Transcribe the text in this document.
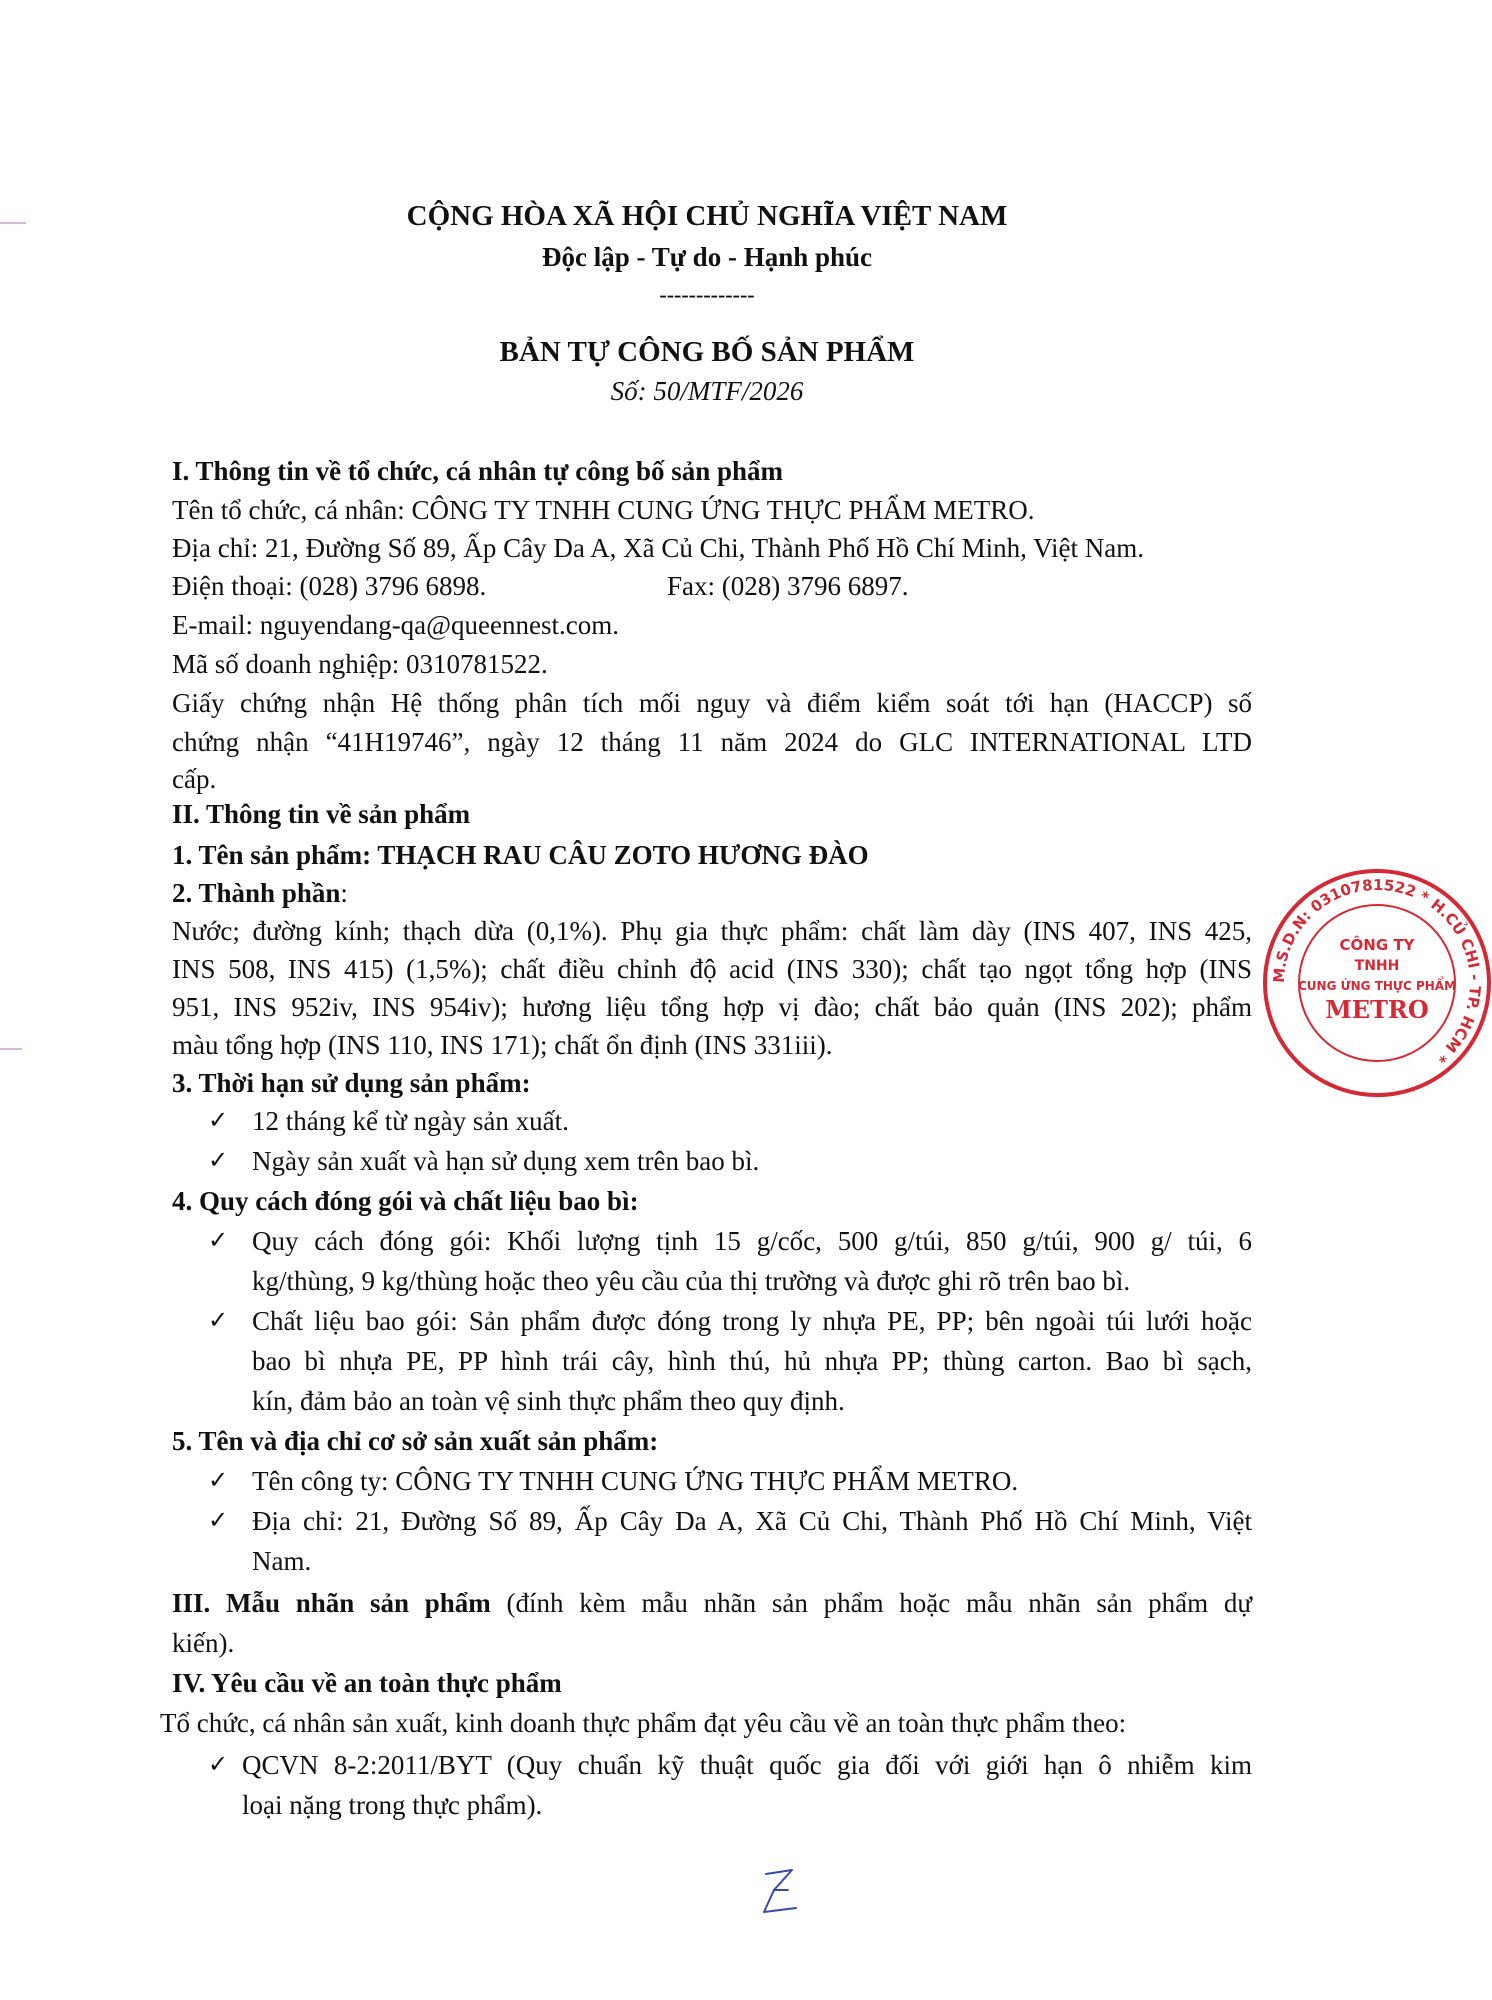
CỘNG HÒA XÃ HỘI CHỦ NGHĨA VIỆT NAM
Độc lập - Tự do - Hạnh phúc
-------------
BẢN TỰ CÔNG BỐ SẢN PHẨM
Số: 50/MTF/2026
I. Thông tin về tổ chức, cá nhân tự công bố sản phẩm
Tên tổ chức, cá nhân: CÔNG TY TNHH CUNG ỨNG THỰC PHẨM METRO.
Địa chỉ: 21, Đường Số 89, Ấp Cây Da A, Xã Củ Chi, Thành Phố Hồ Chí Minh, Việt Nam.
Điện thoại: (028) 3796 6898.	Fax: (028) 3796 6897.
E-mail: nguyendang-qa@queennest.com.
Mã số doanh nghiệp: 0310781522.
Giấy chứng nhận Hệ thống phân tích mối nguy và điểm kiểm soát tới hạn (HACCP) số
chứng nhận “41H19746”, ngày 12 tháng 11 năm 2024 do GLC INTERNATIONAL LTD
cấp.
II. Thông tin về sản phẩm
1. Tên sản phẩm: THẠCH RAU CÂU ZOTO HƯƠNG ĐÀO
2. Thành phần:
Nước; đường kính; thạch dừa (0,1%). Phụ gia thực phẩm: chất làm dày (INS 407, INS 425,
INS 508, INS 415) (1,5%); chất điều chỉnh độ acid (INS 330); chất tạo ngọt tổng hợp (INS
951, INS 952iv, INS 954iv); hương liệu tổng hợp vị đào; chất bảo quản (INS 202); phẩm
màu tổng hợp (INS 110, INS 171); chất ổn định (INS 331iii).
3. Thời hạn sử dụng sản phẩm:
✓ 12 tháng kể từ ngày sản xuất.
✓ Ngày sản xuất và hạn sử dụng xem trên bao bì.
4. Quy cách đóng gói và chất liệu bao bì:
✓ Quy cách đóng gói: Khối lượng tịnh 15 g/cốc, 500 g/túi, 850 g/túi, 900 g/ túi, 6
kg/thùng, 9 kg/thùng hoặc theo yêu cầu của thị trường và được ghi rõ trên bao bì.
✓ Chất liệu bao gói: Sản phẩm được đóng trong ly nhựa PE, PP; bên ngoài túi lưới hoặc
bao bì nhựa PE, PP hình trái cây, hình thú, hủ nhựa PP; thùng carton. Bao bì sạch,
kín, đảm bảo an toàn vệ sinh thực phẩm theo quy định.
5. Tên và địa chỉ cơ sở sản xuất sản phẩm:
✓ Tên công ty: CÔNG TY TNHH CUNG ỨNG THỰC PHẨM METRO.
✓ Địa chỉ: 21, Đường Số 89, Ấp Cây Da A, Xã Củ Chi, Thành Phố Hồ Chí Minh, Việt
Nam.
III. Mẫu nhãn sản phẩm (đính kèm mẫu nhãn sản phẩm hoặc mẫu nhãn sản phẩm dự
kiến).
IV. Yêu cầu về an toàn thực phẩm
Tổ chức, cá nhân sản xuất, kinh doanh thực phẩm đạt yêu cầu về an toàn thực phẩm theo:
✓ QCVN 8-2:2011/BYT (Quy chuẩn kỹ thuật quốc gia đối với giới hạn ô nhiễm kim
loại nặng trong thực phẩm).
M.S.D.N: 0310781522 * H.CỦ CHI - TP. HCM *
CÔNG TY
TNHH
CUNG ỨNG THỰC PHẨM
METRO
